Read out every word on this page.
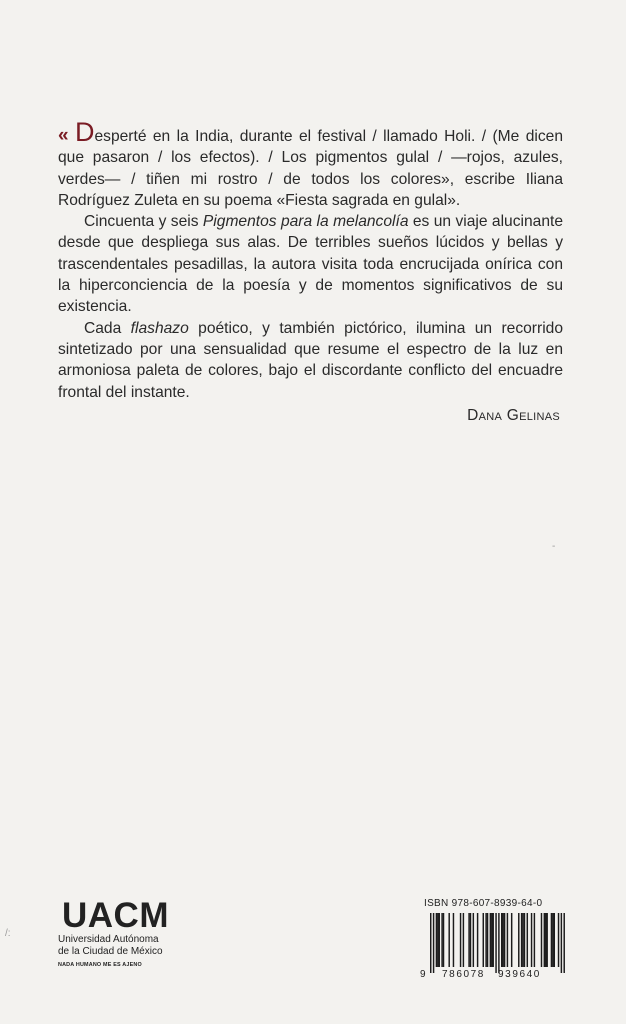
« Desperté en la India, durante el festival / llamado Holi. / (Me dicen que pasaron / los efectos). / Los pigmentos gulal / —rojos, azules, verdes— / tiñen mi rostro / de todos los colores», escribe Iliana Rodríguez Zuleta en su poema «Fiesta sagrada en gulal».

Cincuenta y seis Pigmentos para la melancolía es un viaje alucinante desde que despliega sus alas. De terribles sueños lúcidos y bellas y trascendentales pesadillas, la autora visita toda encrucijada onírica con la hiperconciencia de la poesía y de momentos significativos de su existencia.

Cada flashazo poético, y también pictórico, ilumina un recorrido sintetizado por una sensualidad que resume el espectro de la luz en armoniosa paleta de colores, bajo el discordante conflicto del encuadre frontal del instante.

Dana Gelinas
-
/: UACM
Universidad Autónoma
de la Ciudad de México
NADA HUMANO ME ES AJENO
ISBN 978-607-8939-64-0
9 786078 939640
